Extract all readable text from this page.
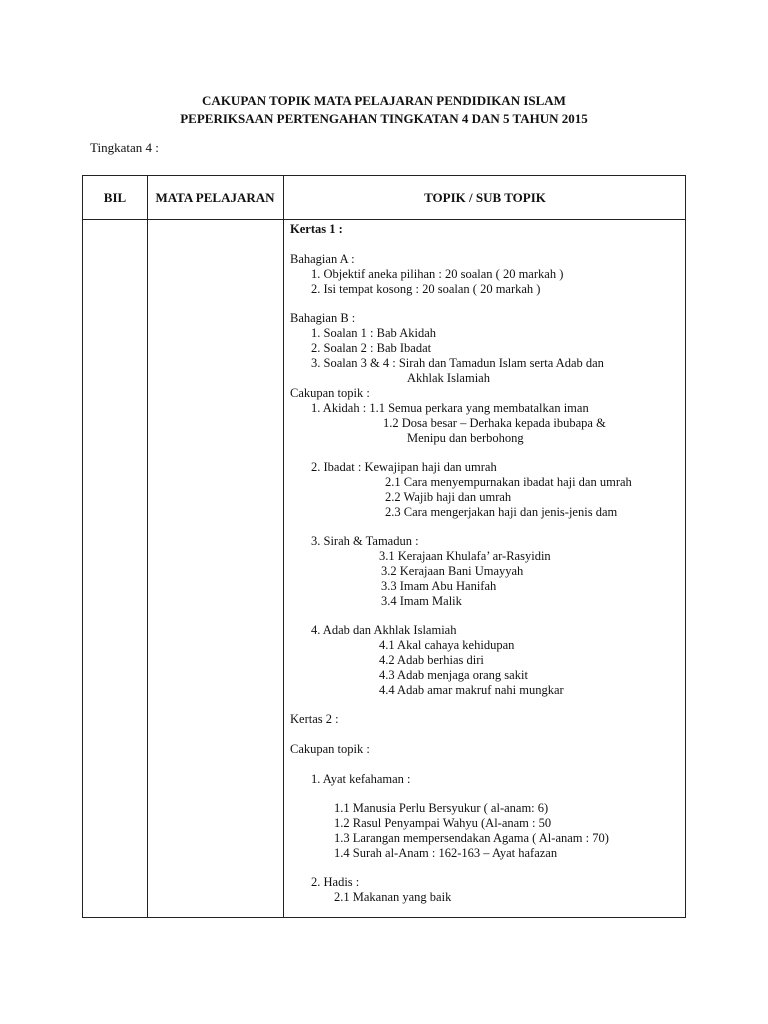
CAKUPAN TOPIK MATA PELAJARAN PENDIDIKAN ISLAM
PEPERIKSAAN PERTENGAHAN TINGKATAN 4 DAN 5 TAHUN 2015
Tingkatan 4 :
BIL	MATA PELAJARAN	TOPIK / SUB TOPIK
Kertas 1 :
Bahagian A :
1. Objektif aneka pilihan : 20 soalan ( 20 markah )
2. Isi tempat kosong : 20 soalan ( 20 markah )
Bahagian B :
1. Soalan 1 : Bab Akidah
2. Soalan 2 : Bab Ibadat
3. Soalan 3 & 4 : Sirah dan Tamadun Islam serta Adab dan
Akhlak Islamiah
Cakupan topik :
1. Akidah : 1.1 Semua perkara yang membatalkan iman
1.2 Dosa besar – Derhaka kepada ibubapa &
Menipu dan berbohong
2. Ibadat : Kewajipan haji dan umrah
2.1 Cara menyempurnakan ibadat haji dan umrah
2.2 Wajib haji dan umrah
2.3 Cara mengerjakan haji dan jenis-jenis dam
3. Sirah & Tamadun :
3.1 Kerajaan Khulafa’ ar-Rasyidin
3.2 Kerajaan Bani Umayyah
3.3 Imam Abu Hanifah
3.4 Imam Malik
4. Adab dan Akhlak Islamiah
4.1 Akal cahaya kehidupan
4.2 Adab berhias diri
4.3 Adab menjaga orang sakit
4.4 Adab amar makruf nahi mungkar
Kertas 2 :
Cakupan topik :
1. Ayat kefahaman :
1.1 Manusia Perlu Bersyukur ( al-anam: 6)
1.2 Rasul Penyampai Wahyu (Al-anam : 50
1.3 Larangan mempersendakan Agama ( Al-anam : 70)
1.4 Surah al-Anam : 162-163 – Ayat hafazan
2. Hadis :
2.1 Makanan yang baik
